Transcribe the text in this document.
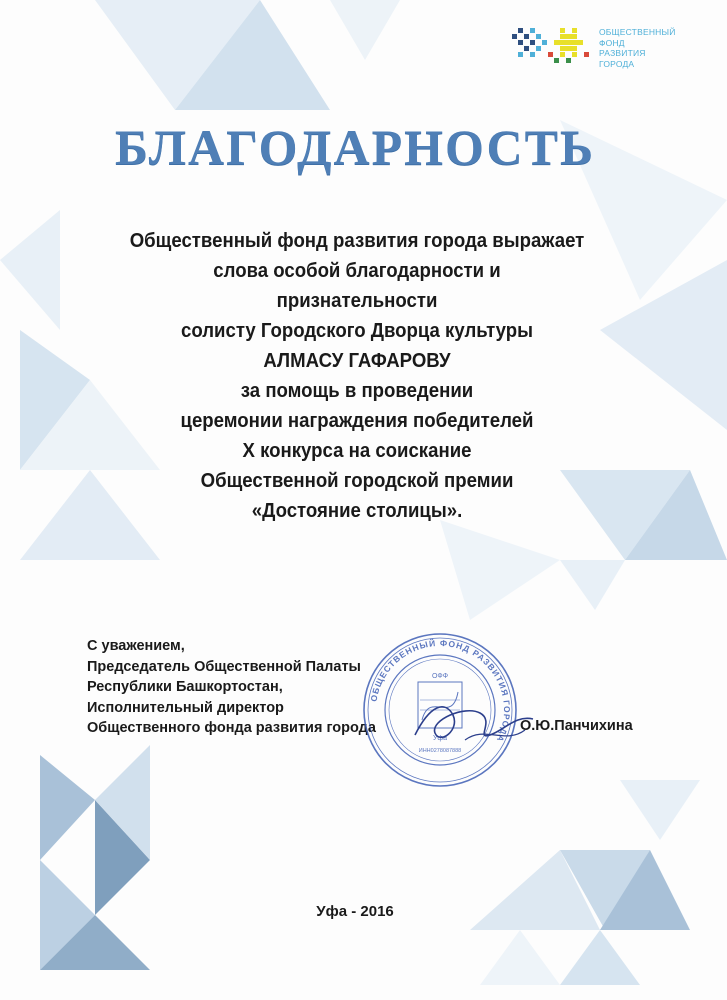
ОБЩЕСТВЕННЫЙ
ФОНД
РАЗВИТИЯ
ГОРОДА
БЛАГОДАРНОСТЬ
Общественный фонд развития города выражает
слова особой благодарности и
признательности
солисту Городского Дворца культуры
АЛМАСУ ГАФАРОВУ
за помощь в проведении
церемонии награждения победителей
X конкурса на соискание
Общественной городской премии
«Достояние столицы».
С уважением,
Председатель Общественной Палаты
Республики Башкортостан,
Исполнительный директор
Общественного фонда развития города
ОБЩЕСТВЕННЫЙ ФОНД РАЗВИТИЯ ГОРОДА
ОФФ
Уфа
ИНН0278087888
О.Ю.Панчихина
Уфа - 2016
